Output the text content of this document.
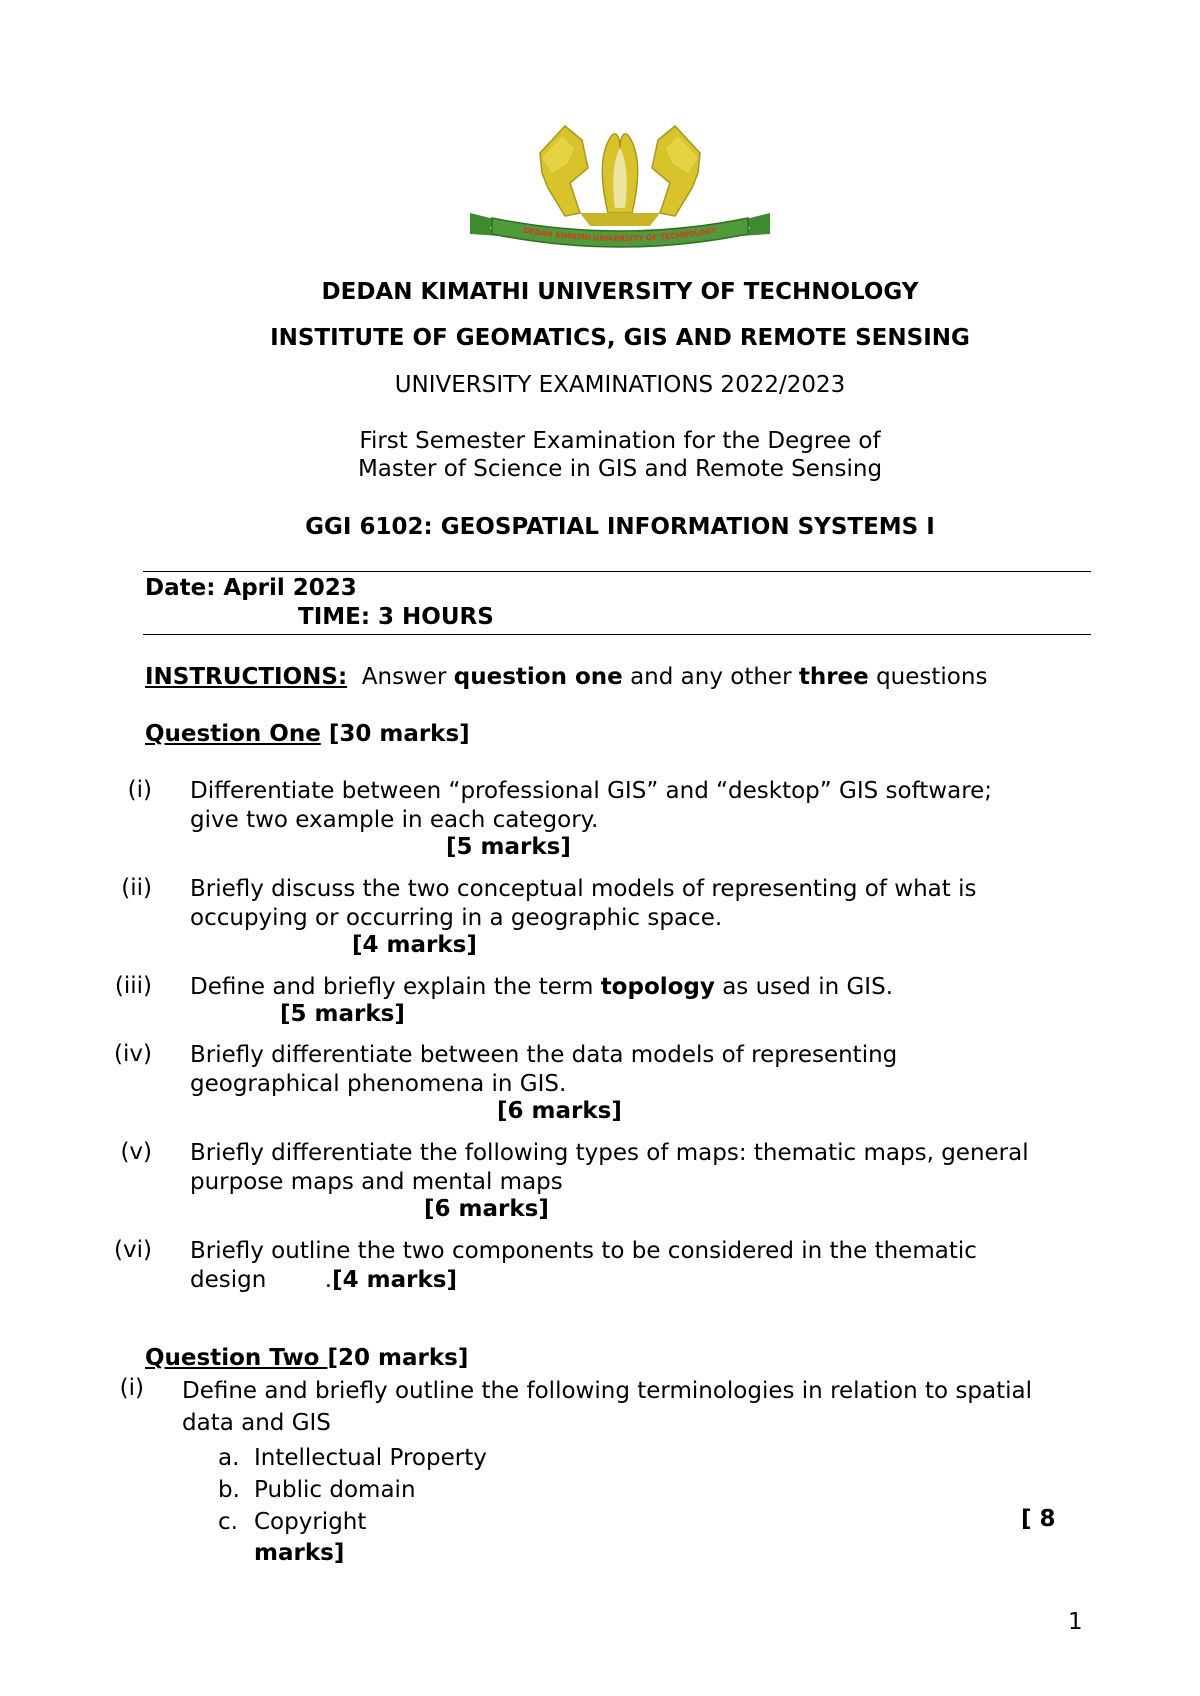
DEDAN KIMATHI UNIVERSITY OF TECHNOLOGY
DEDAN KIMATHI UNIVERSITY OF TECHNOLOGY
INSTITUTE OF GEOMATICS, GIS AND REMOTE SENSING
UNIVERSITY EXAMINATIONS 2022/2023
First Semester Examination for the Degree of
Master of Science in GIS and Remote Sensing
GGI 6102: GEOSPATIAL INFORMATION SYSTEMS I
Date: April 2023
TIME: 3 HOURS
INSTRUCTIONS: Answer question one and any other three questions
Question One [30 marks]
(i) Differentiate between “professional GIS” and “desktop” GIS software;
give two example in each category.
[5 marks]
(ii) Briefly discuss the two conceptual models of representing of what is
occupying or occurring in a geographic space.
[4 marks]
(iii) Define and briefly explain the term topology as used in GIS.
[5 marks]
(iv) Briefly differentiate between the data models of representing
geographical phenomena in GIS.
[6 marks]
(v) Briefly differentiate the following types of maps: thematic maps, general
purpose maps and mental maps
[6 marks]
(vi) Briefly outline the two components to be considered in the thematic
design        .[4 marks]
Question Two [20 marks]
(i) Define and briefly outline the following terminologies in relation to spatial
data and GIS
a. Intellectual Property
b. Public domain
c. Copyright	[ 8
marks]
1
